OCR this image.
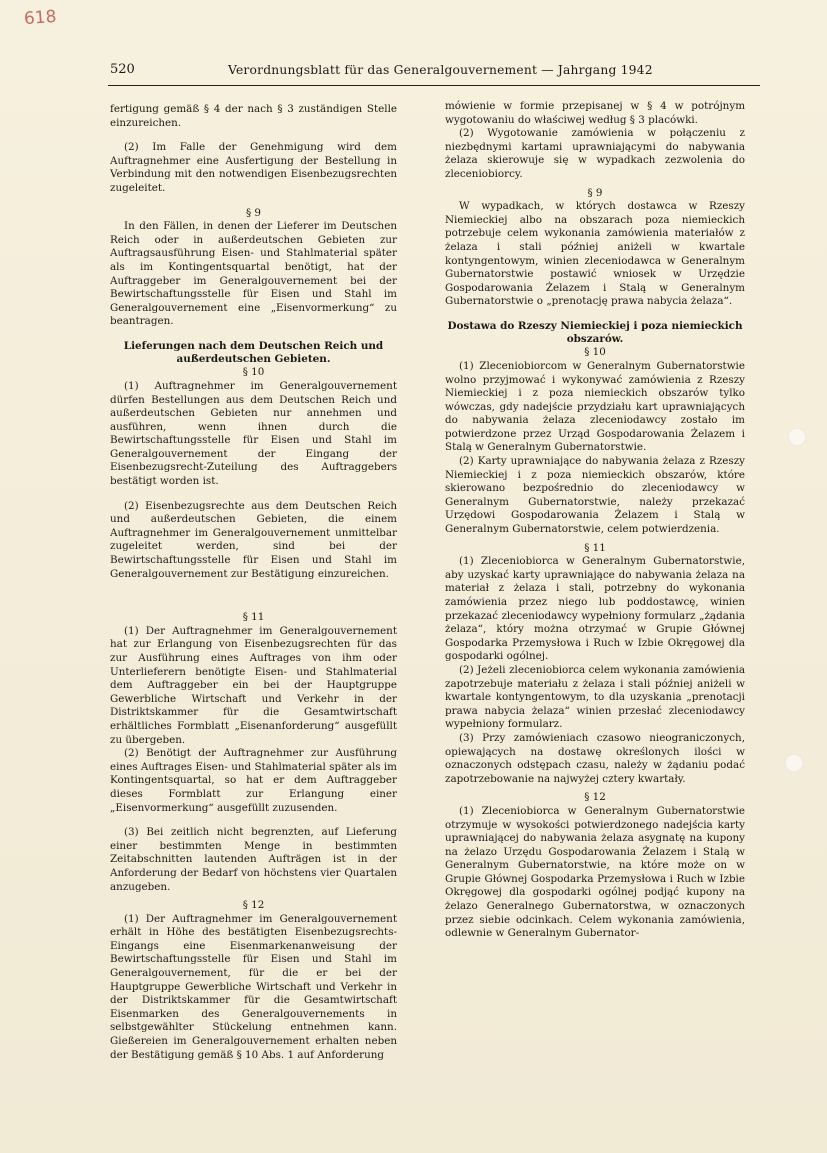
618
520	Verordnungsblatt für das Generalgouvernement — Jahrgang 1942

fertigung gemäß § 4 der nach § 3 zuständigen Stelle einzureichen.

(2) Im Falle der Genehmigung wird dem Auftragnehmer eine Ausfertigung der Bestellung in Verbindung mit den notwendigen Eisenbezugsrechten zugeleitet.

§ 9

In den Fällen, in denen der Lieferer im Deutschen Reich oder in außerdeutschen Gebieten zur Auftragsausführung Eisen- und Stahlmaterial später als im Kontingentsquartal benötigt, hat der Auftraggeber im Generalgouvernement bei der Bewirtschaftungsstelle für Eisen und Stahl im Generalgouvernement eine „Eisenvormerkung“ zu beantragen.

Lieferungen nach dem Deutschen Reich und außerdeutschen Gebieten.

§ 10

(1) Auftragnehmer im Generalgouvernement dürfen Bestellungen aus dem Deutschen Reich und außerdeutschen Gebieten nur annehmen und ausführen, wenn ihnen durch die Bewirtschaftungsstelle für Eisen und Stahl im Generalgouvernement der Eingang der Eisenbezugsrecht-Zuteilung des Auftraggebers bestätigt worden ist.

(2) Eisenbezugsrechte aus dem Deutschen Reich und außerdeutschen Gebieten, die einem Auftragnehmer im Generalgouvernement unmittelbar zugeleitet werden, sind bei der Bewirtschaftungsstelle für Eisen und Stahl im Generalgouvernement zur Bestätigung einzureichen.

§ 11

(1) Der Auftragnehmer im Generalgouvernement hat zur Erlangung von Eisenbezugsrechten für das zur Ausführung eines Auftrages von ihm oder Unterlieferern benötigte Eisen- und Stahlmaterial dem Auftraggeber ein bei der Hauptgruppe Gewerbliche Wirtschaft und Verkehr in der Distriktskammer für die Gesamtwirtschaft erhältliches Formblatt „Eisenanforderung“ ausgefüllt zu übergeben.

(2) Benötigt der Auftragnehmer zur Ausführung eines Auftrages Eisen- und Stahlmaterial später als im Kontingentsquartal, so hat er dem Auftraggeber dieses Formblatt zur Erlangung einer „Eisenvormerkung“ ausgefüllt zuzusenden.

(3) Bei zeitlich nicht begrenzten, auf Lieferung einer bestimmten Menge in bestimmten Zeitabschnitten lautenden Aufträgen ist in der Anforderung der Bedarf von höchstens vier Quartalen anzugeben.

§ 12

(1) Der Auftragnehmer im Generalgouvernement erhält in Höhe des bestätigten Eisenbezugsrechts-Eingangs eine Eisenmarkenanweisung der Bewirtschaftungsstelle für Eisen und Stahl im Generalgouvernement, für die er bei der Hauptgruppe Gewerbliche Wirtschaft und Verkehr in der Distriktskammer für die Gesamtwirtschaft Eisenmarken des Generalgouvernements in selbstgewählter Stückelung entnehmen kann. Gießereien im Generalgouvernement erhalten neben der Bestätigung gemäß § 10 Abs. 1 auf Anforderung

mówienie w formie przepisanej w § 4 w potrójnym wygotowaniu do właściwej według § 3 placówki.

(2) Wygotowanie zamówienia w połączeniu z niezbędnymi kartami uprawniającymi do nabywania żelaza skierowuje się w wypadkach zezwolenia do zleceniobiorcy.

§ 9

W wypadkach, w których dostawca w Rzeszy Niemieckiej albo na obszarach poza niemieckich potrzebuje celem wykonania zamówienia materiałów z żelaza i stali później aniżeli w kwartale kontyngentowym, winien zleceniodawca w Generalnym Gubernatorstwie postawić wniosek w Urzędzie Gospodarowania Żelazem i Stalą w Generalnym Gubernatorstwie o „prenotację prawa nabycia żelaza“.

Dostawa do Rzeszy Niemieckiej i poza niemieckich obszarów.

§ 10

(1) Zleceniobiorcom w Generalnym Gubernatorstwie wolno przyjmować i wykonywać zamówienia z Rzeszy Niemieckiej i z poza niemieckich obszarów tylko wówczas, gdy nadejście przydziału kart uprawniających do nabywania żelaza zleceniodawcy zostało im potwierdzone przez Urząd Gospodarowania Żelazem i Stalą w Generalnym Gubernatorstwie.

(2) Karty uprawniające do nabywania żelaza z Rzeszy Niemieckiej i z poza niemieckich obszarów, które skierowano bezpośrednio do zleceniodawcy w Generalnym Gubernatorstwie, należy przekazać Urzędowi Gospodarowania Żelazem i Stalą w Generalnym Gubernatorstwie, celem potwierdzenia.

§ 11

(1) Zleceniobiorca w Generalnym Gubernatorstwie, aby uzyskać karty uprawniające do nabywania żelaza na materiał z żelaza i stali, potrzebny do wykonania zamówienia przez niego lub poddostawcę, winien przekazać zleceniodawcy wypełniony formularz „żądania żelaza“, który można otrzymać w Grupie Głównej Gospodarka Przemysłowa i Ruch w Izbie Okręgowej dla gospodarki ogólnej.

(2) Jeżeli zleceniobiorca celem wykonania zamówienia zapotrzebuje materiału z żelaza i stali później aniżeli w kwartale kontyngentowym, to dla uzyskania „prenotacji prawa nabycia żelaza“ winien przesłać zleceniodawcy wypełniony formularz.

(3) Przy zamówieniach czasowo nieograniczonych, opiewających na dostawę określonych ilości w oznaczonych odstępach czasu, należy w żądaniu podać zapotrzebowanie na najwyżej cztery kwartały.

§ 12

(1) Zleceniobiorca w Generalnym Gubernatorstwie otrzymuje w wysokości potwierdzonego nadejścia karty uprawniającej do nabywania żelaza asygnatę na kupony na żelazo Urzędu Gospodarowania Żelazem i Stalą w Generalnym Gubernatorstwie, na które może on w Grupie Głównej Gospodarka Przemysłowa i Ruch w Izbie Okręgowej dla gospodarki ogólnej podjąć kupony na żelazo Generalnego Gubernatorstwa, w oznaczonych przez siebie odcinkach. Celem wykonania zamówienia, odlewnie w Generalnym Gubernator-
